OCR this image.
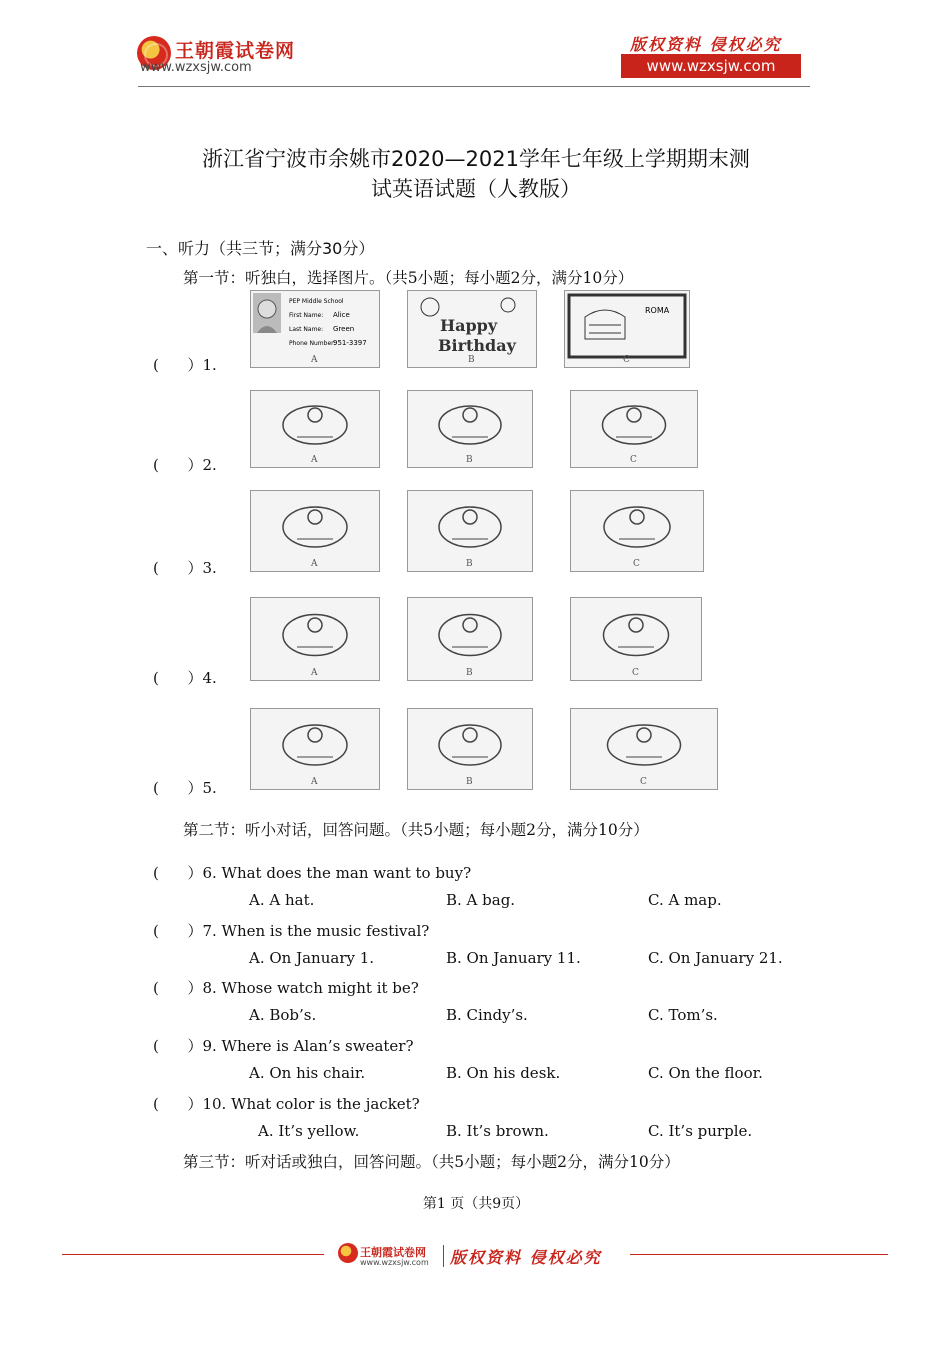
王朝霞试卷网
www.wzxsjw.com
版权资料 侵权必究
www.wzxsjw.com
浙江省宁波市余姚市2020—2021学年七年级上学期期末测
试英语试题（人教版）
一、听力（共三节；满分30分）
第一节：听独白，选择图片。（共5小题；每小题2分，满分10分）
(      ）1.
PEP Middle School
First Name: Alice
Last Name: Green
Phone Number:
951-3397
A
Happy
Birthday
B
ROMA
C
(      ）2.	A	B	C
(      ）3.	A	B	C
(      ）4.	A	B	C
(      ）5.	A	B	C
第二节：听小对话，回答问题。（共5小题；每小题2分，满分10分）
(      ）6. What does the man want to buy?
A. A hat.	B. A bag.	C. A map.
(      ）7. When is the music festival?
A. On January 1.	B. On January 11.	C. On January 21.
(      ）8. Whose watch might it be?
A. Bob’s.	B. Cindy’s.	C. Tom’s.
(      ）9. Where is Alan’s sweater?
A. On his chair.	B. On his desk.	C. On the floor.
(      ）10. What color is the jacket?
A. It’s yellow.	B. It’s brown.	C. It’s purple.
第三节：听对话或独白，回答问题。（共5小题；每小题2分，满分10分）
第1 页（共9页）
王朝霞试卷网
www.wzxsjw.com 版权资料 侵权必究
